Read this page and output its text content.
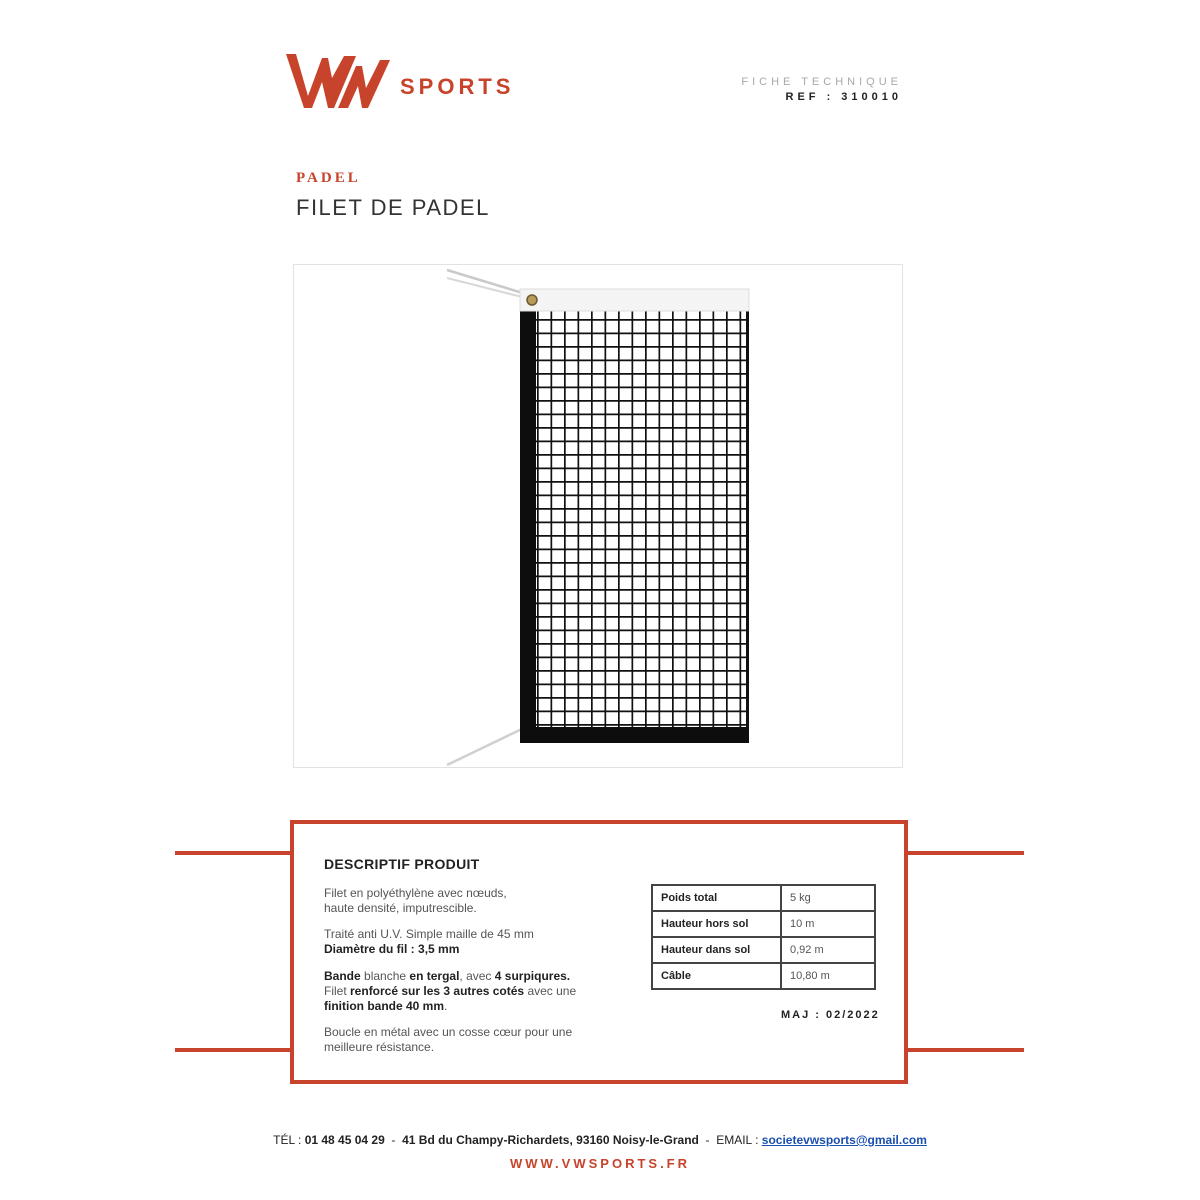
SPORTS	FICHE TECHNIQUE
REF : 310010
PADEL
FILET DE PADEL
DESCRIPTIF PRODUIT
Filet en polyéthylène avec nœuds,
haute densité, imputrescible.
Traité anti U.V. Simple maille de 45 mm
Diamètre du fil : 3,5 mm
Bande blanche en tergal, avec 4 surpiqures.
Filet renforcé sur les 3 autres cotés avec une
finition bande 40 mm.
Boucle en métal avec un cosse cœur pour une
meilleure résistance.
Poids total	5 kg
Hauteur hors sol	10 m
Hauteur dans sol	0,92 m
Câble	10,80 m
MAJ : 02/2022
TÉL : 01 48 45 04 29  -  41 Bd du Champy-Richardets, 93160 Noisy-le-Grand  -  EMAIL : societevwsports@gmail.com
WWW.VWSPORTS.FR
